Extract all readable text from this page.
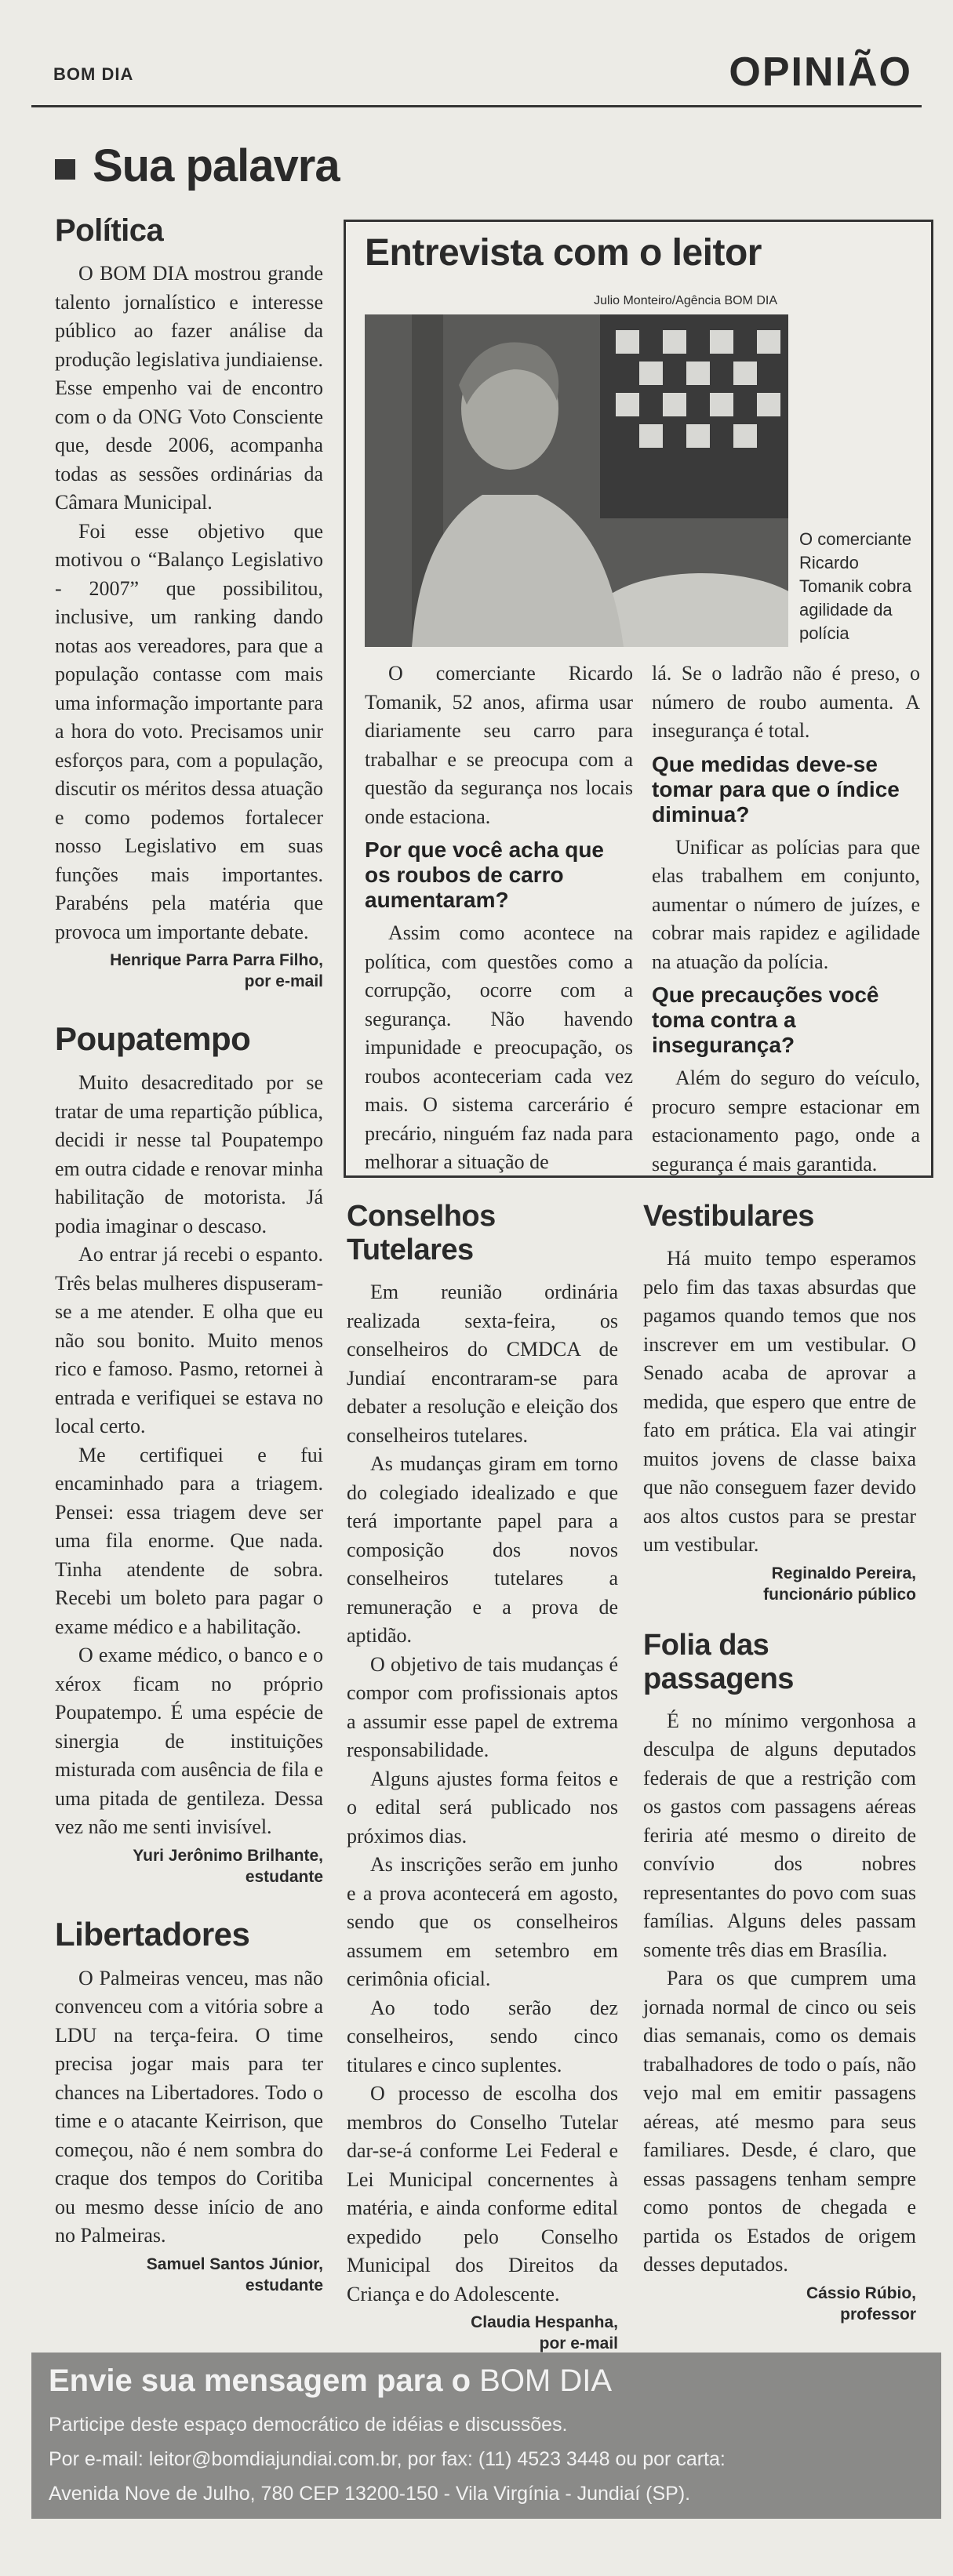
BOM DIA	OPINIÃO
Sua palavra
Política

O BOM DIA mostrou grande talento jornalístico e interesse público ao fazer análise da produção legislativa jundiaiense. Esse empenho vai de encontro com o da ONG Voto Consciente que, desde 2006, acompanha todas as sessões ordinárias da Câmara Municipal.

Foi esse objetivo que motivou o “Balanço Legislativo - 2007” que possibilitou, inclusive, um ranking dando notas aos vereadores, para que a população contasse com mais uma informação importante para a hora do voto. Precisamos unir esforços para, com a população, discutir os méritos dessa atuação e como podemos fortalecer nosso Legislativo em suas funções mais importantes. Parabéns pela matéria que provoca um importante debate.

Henrique Parra Parra Filho,
por e-mail
Poupatempo

Muito desacreditado por se tratar de uma repartição pública, decidi ir nesse tal Poupatempo em outra cidade e renovar minha habilitação de motorista. Já podia imaginar o descaso.

Ao entrar já recebi o espanto. Três belas mulheres dispuseram-se a me atender. E olha que eu não sou bonito. Muito menos rico e famoso. Pasmo, retornei à entrada e verifiquei se estava no local certo.

Me certifiquei e fui encaminhado para a triagem. Pensei: essa triagem deve ser uma fila enorme. Que nada. Tinha atendente de sobra. Recebi um boleto para pagar o exame médico e a habilitação.

O exame médico, o banco e o xérox ficam no próprio Poupatempo. É uma espécie de sinergia de instituições misturada com ausência de fila e uma pitada de gentileza. Dessa vez não me senti invisível.

Yuri Jerônimo Brilhante,
estudante
Libertadores

O Palmeiras venceu, mas não convenceu com a vitória sobre a LDU na terça-feira. O time precisa jogar mais para ter chances na Libertadores. Todo o time e o atacante Keirrison, que começou, não é nem sombra do craque dos tempos do Coritiba ou mesmo desse início de ano no Palmeiras.

Samuel Santos Júnior,
estudante
Entrevista com o leitor
Julio Monteiro/Agência BOM DIA
O comerciante Ricardo Tomanik cobra agilidade da polícia

O comerciante Ricardo Tomanik, 52 anos, afirma usar diariamente seu carro para trabalhar e se preocupa com a questão da segurança nos locais onde estaciona.

Por que você acha que os roubos de carro aumentaram?

Assim como acontece na política, com questões como a corrupção, ocorre com a segurança. Não havendo impunidade e preocupação, os roubos aconteceriam cada vez mais. O sistema carcerário é precário, ninguém faz nada para melhorar a situação de

lá. Se o ladrão não é preso, o número de roubo aumenta. A insegurança é total.

Que medidas deve-se tomar para que o índice diminua?

Unificar as polícias para que elas trabalhem em conjunto, aumentar o número de juízes, e cobrar mais rapidez e agilidade na atuação da polícia.

Que precauções você toma contra a insegurança?

Além do seguro do veículo, procuro sempre estacionar em estacionamento pago, onde a segurança é mais garantida.

Conselhos Tutelares

Em reunião ordinária realizada sexta-feira, os conselheiros do CMDCA de Jundiaí encontraram-se para debater a resolução e eleição dos conselheiros tutelares.

As mudanças giram em torno do colegiado idealizado e que terá importante papel para a composição dos novos conselheiros tutelares a remuneração e a prova de aptidão.

O objetivo de tais mudanças é compor com profissionais aptos a assumir esse papel de extrema responsabilidade.

Alguns ajustes forma feitos e o edital será publicado nos próximos dias.

As inscrições serão em junho e a prova acontecerá em agosto, sendo que os conselheiros assumem em setembro em cerimônia oficial.

Ao todo serão dez conselheiros, sendo cinco titulares e cinco suplentes.

O processo de escolha dos membros do Conselho Tutelar dar-se-á conforme Lei Federal e Lei Municipal concernentes à matéria, e ainda conforme edital expedido pelo Conselho Municipal dos Direitos da Criança e do Adolescente.

Claudia Hespanha,
por e-mail
Vestibulares

Há muito tempo esperamos pelo fim das taxas absurdas que pagamos quando temos que nos inscrever em um vestibular. O Senado acaba de aprovar a medida, que espero que entre de fato em prática. Ela vai atingir muitos jovens de classe baixa que não conseguem fazer devido aos altos custos para se prestar um vestibular.

Reginaldo Pereira,
funcionário público
Folia das passagens

É no mínimo vergonhosa a desculpa de alguns deputados federais de que a restrição com os gastos com passagens aéreas feriria até mesmo o direito de convívio dos nobres representantes do povo com suas famílias. Alguns deles passam somente três dias em Brasília.

Para os que cumprem uma jornada normal de cinco ou seis dias semanais, como os demais trabalhadores de todo o país, não vejo mal em emitir passagens aéreas, até mesmo para seus familiares. Desde, é claro, que essas passagens tenham sempre como pontos de chegada e partida os Estados de origem desses deputados.

Cássio Rúbio,
professor
Envie sua mensagem para o BOM DIA
Participe deste espaço democrático de idéias e discussões.
Por e-mail: leitor@bomdiajundiai.com.br, por fax: (11) 4523 3448 ou por carta:
Avenida Nove de Julho, 780 CEP 13200-150 - Vila Virgínia - Jundiaí (SP).
